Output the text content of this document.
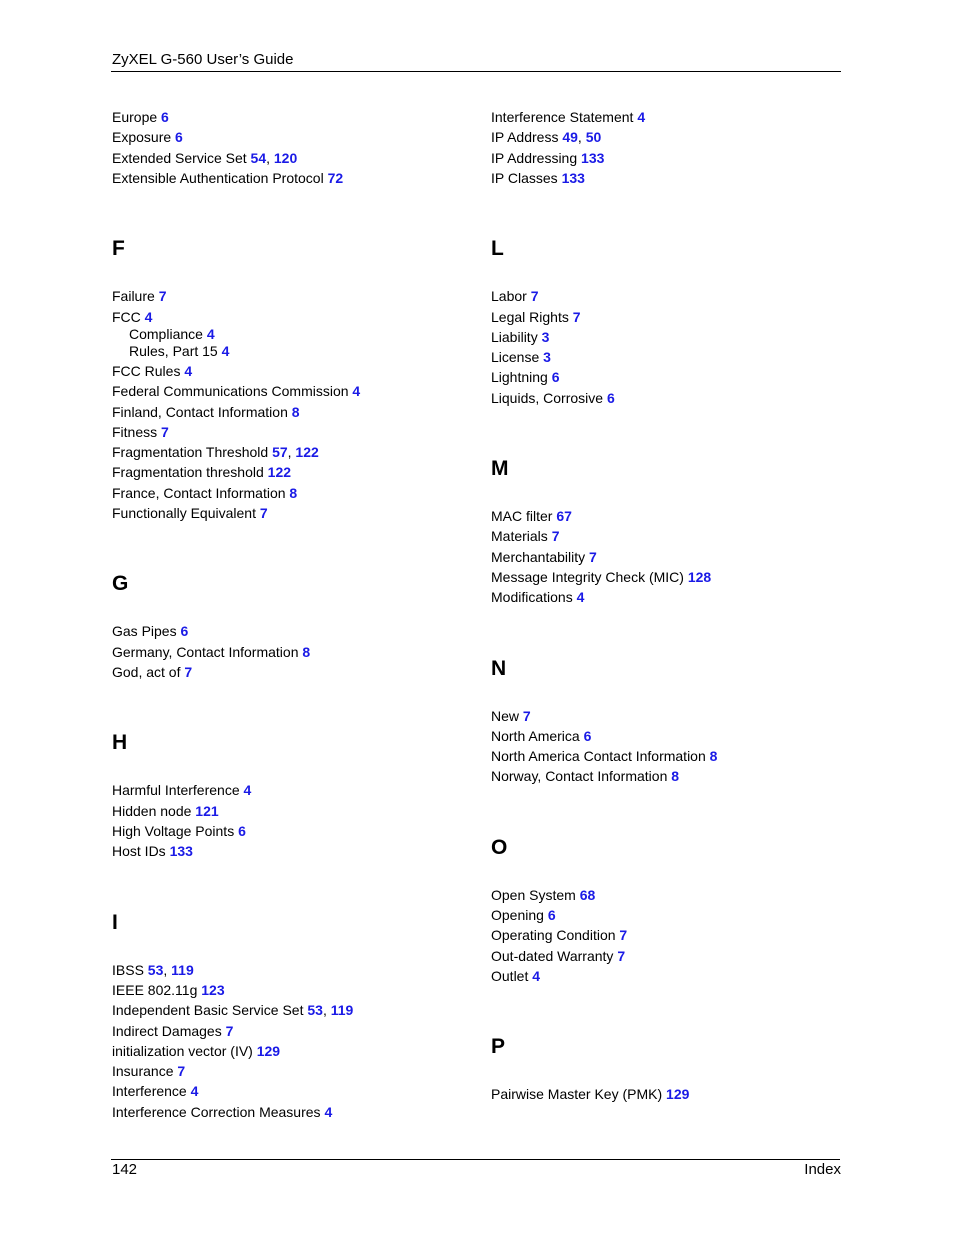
ZyXEL G-560 User’s Guide
Europe 6
Exposure 6
Extended Service Set 54, 120
Extensible Authentication Protocol 72
F
Failure 7
FCC 4
Compliance 4
Rules, Part 15 4
FCC Rules 4
Federal Communications Commission 4
Finland, Contact Information 8
Fitness 7
Fragmentation Threshold 57, 122
Fragmentation threshold 122
France, Contact Information 8
Functionally Equivalent 7
G
Gas Pipes 6
Germany, Contact Information 8
God, act of 7
H
Harmful Interference 4
Hidden node 121
High Voltage Points 6
Host IDs 133
I
IBSS 53, 119
IEEE 802.11g 123
Independent Basic Service Set 53, 119
Indirect Damages 7
initialization vector (IV) 129
Insurance 7
Interference 4
Interference Correction Measures 4
Interference Statement 4
IP Address 49, 50
IP Addressing 133
IP Classes 133
L
Labor 7
Legal Rights 7
Liability 3
License 3
Lightning 6
Liquids, Corrosive 6
M
MAC filter 67
Materials 7
Merchantability 7
Message Integrity Check (MIC) 128
Modifications 4
N
New 7
North America 6
North America Contact Information 8
Norway, Contact Information 8
O
Open System 68
Opening 6
Operating Condition 7
Out-dated Warranty 7
Outlet 4
P
Pairwise Master Key (PMK) 129
142	Index
